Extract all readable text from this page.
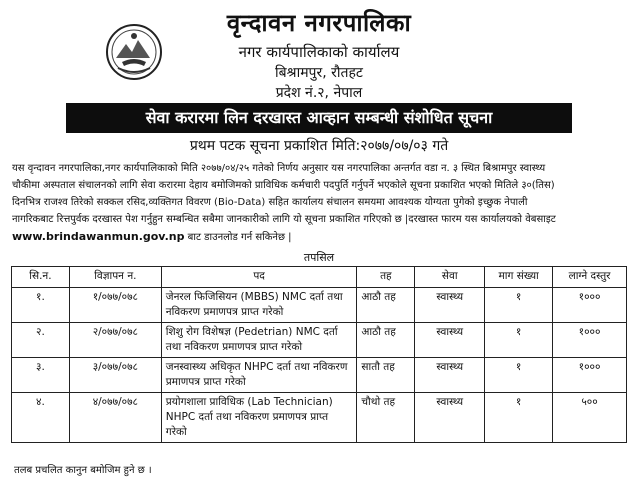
वृन्दावन नगरपालिका
नगर कार्यपालिकाको कार्यालय
बिश्रामपुर, रौतहट
प्रदेश नं.२, नेपाल
सेवा करारमा लिन दरखास्त आव्हान सम्बन्धी संशोधित सूचना
प्रथम पटक सूचना प्रकाशित मिति:२०७७/०७/०३ गते
यस वृन्दावन नगरपालिका,नगर कार्यपालिकाको मिति २०७७/०४/२५ गतेको निर्णय अनुसार यस नगरपालिका अन्तर्गत वडा न. ३ स्थित बिश्रामपुर स्वास्थ्य
चौकीमा अस्पताल संचालनको लागि सेवा करारमा देहाय बमोजिमको प्राविधिक कर्मचारी पदपुर्ति गर्नुपर्ने भएकोले सूचना प्रकाशित भएको मितिले ३०(तिस)
दिनभित्र राजश्व तिरेको सक्कल रसिद,व्यक्तिगत विवरण (Bio-Data) सहित कार्यालय संचालन समयमा आवश्यक योग्यता पुगेको इच्छुक नेपाली
नागरिकबाट रित्तपुर्वक दरखास्त पेश गर्नुहुन सम्बन्धित सबैमा जानकारीको लागि यो सूचना प्रकाशित गरिएको छ |दरखास्त फारम यस कार्यालयको वेबसाइट
www.brindawanmun.gov.np बाट डाउनलोड गर्न सकिनेछ |
तपसिल
सि.न.	विज्ञापन न.	पद	तह	सेवा	माग संख्या	लाग्ने दस्तुर
१.	१/०७७/०७८	जेनरल फिजिसियन (MBBS) NMC दर्ता तथा नविकरण प्रमाणपत्र प्राप्त गरेको	आठौ तह	स्वास्थ्य	१	१०००
२.	२/०७७/०७८	शिशु रोग विशेषज्ञ (Pedetrian) NMC दर्ता तथा नविकरण प्रमाणपत्र प्राप्त गरेको	आठौ तह	स्वास्थ्य	१	१०००
३.	३/०७७/०७८	जनस्वास्थ्य अधिकृत NHPC दर्ता तथा नविकरण प्रमाणपत्र प्राप्त गरेको	सातौ तह	स्वास्थ्य	१	१०००
४.	४/०७७/०७८	प्रयोगशाला प्राविधिक (Lab Technician) NHPC दर्ता तथा नविकरण प्रमाणपत्र प्राप्त गरेको	चौथो तह	स्वास्थ्य	१	५००
तलब प्रचलित कानुन बमोजिम हुने छ ।
